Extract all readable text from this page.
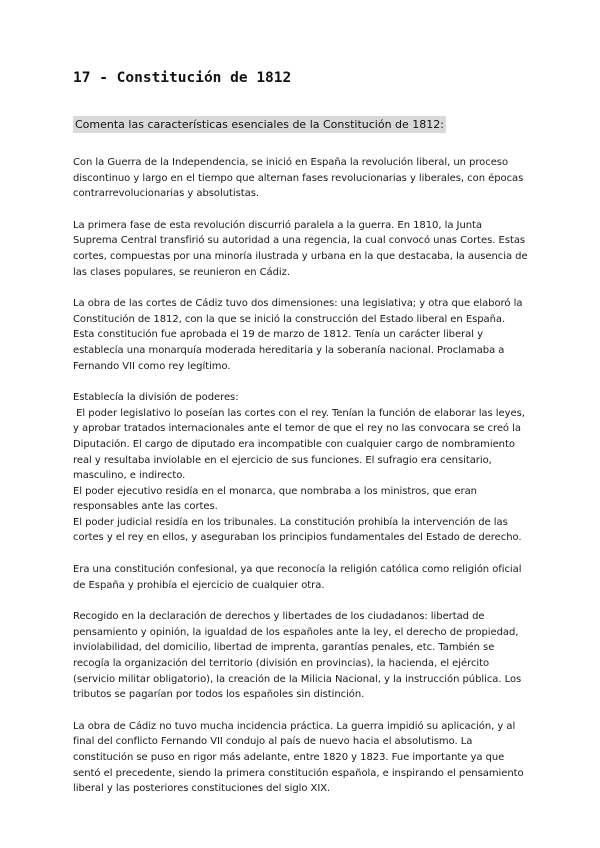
17 - Constitución de 1812
Comenta las características esenciales de la Constitución de 1812:

Con la Guerra de la Independencia, se inició en España la revolución liberal, un proceso discontinuo y largo en el tiempo que alternan fases revolucionarias y liberales, con épocas contrarrevolucionarias y absolutistas.

La primera fase de esta revolución discurrió paralela a la guerra. En 1810, la Junta Suprema Central transfirió su autoridad a una regencia, la cual convocó unas Cortes. Estas cortes, compuestas por una minoría ilustrada y urbana en la que destacaba, la ausencia de las clases populares, se reunieron en Cádiz.

La obra de las cortes de Cádiz tuvo dos dimensiones: una legislativa; y otra que elaboró la Constitución de 1812, con la que se inició la construcción del Estado liberal en España. Esta constitución fue aprobada el 19 de marzo de 1812. Tenía un carácter liberal y establecía una monarquía moderada hereditaria y la soberanía nacional. Proclamaba a Fernando VII como rey legítimo.

Establecía la división de poderes:
El poder legislativo lo poseían las cortes con el rey. Tenían la función de elaborar las leyes, y aprobar tratados internacionales ante el temor de que el rey no las convocara se creó la Diputación. El cargo de diputado era incompatible con cualquier cargo de nombramiento real y resultaba inviolable en el ejercicio de sus funciones. El sufragio era censitario, masculino, e indirecto.
El poder ejecutivo residía en el monarca, que nombraba a los ministros, que eran responsables ante las cortes.
El poder judicial residía en los tribunales. La constitución prohibía la intervención de las cortes y el rey en ellos, y aseguraban los principios fundamentales del Estado de derecho.

Era una constitución confesional, ya que reconocía la religión católica como religión oficial de España y prohibía el ejercicio de cualquier otra.

Recogido en la declaración de derechos y libertades de los ciudadanos: libertad de pensamiento y opinión, la igualdad de los españoles ante la ley, el derecho de propiedad, inviolabilidad, del domicilio, libertad de imprenta, garantías penales, etc. También se recogía la organización del territorio (división en provincias), la hacienda, el ejército (servicio militar obligatorio), la creación de la Milicia Nacional, y la instrucción pública. Los tributos se pagarían por todos los españoles sin distinción.

La obra de Cádiz no tuvo mucha incidencia práctica. La guerra impidió su aplicación, y al final del conflicto Fernando VII condujo al país de nuevo hacia el absolutismo. La constitución se puso en rigor más adelante, entre 1820 y 1823. Fue importante ya que sentó el precedente, siendo la primera constitución española, e inspirando el pensamiento liberal y las posteriores constituciones del siglo XIX.
